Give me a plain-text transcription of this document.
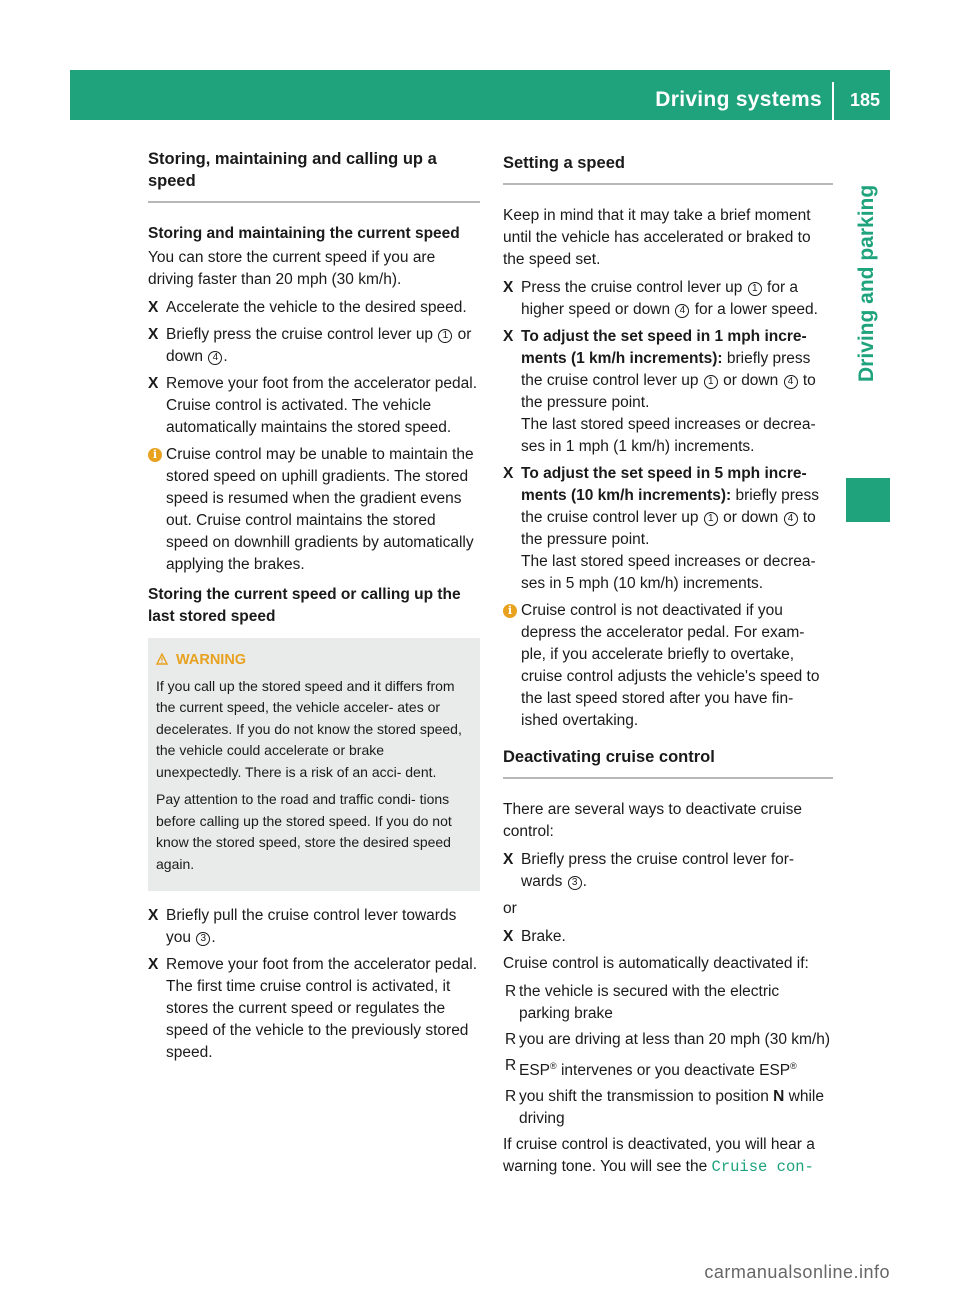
Driving systems 185
Driving and parking
Storing, maintaining and calling up a speed
Storing and maintaining the current speed

You can store the current speed if you are driving faster than 20 mph (30 km/h).

X Accelerate the vehicle to the desired speed.
X Briefly press the cruise control lever up 1 or down 4 .
X Remove your foot from the accelerator pedal.
Cruise control is activated. The vehicle automatically maintains the stored speed.
i Cruise control may be unable to maintain the stored speed on uphill gradients. The stored speed is resumed when the gradient evens out. Cruise control maintains the stored speed on downhill gradients by automatically applying the brakes.
Storing the current speed or calling up the last stored speed
WARNING

If you call up the stored speed and it differs from the current speed, the vehicle acceler- ates or decelerates. If you do not know the stored speed, the vehicle could accelerate or brake unexpectedly. There is a risk of an acci- dent.

Pay attention to the road and traffic condi- tions before calling up the stored speed. If you do not know the stored speed, store the desired speed again.

X Briefly pull the cruise control lever towards you 3 .
X Remove your foot from the accelerator pedal.
The first time cruise control is activated, it stores the current speed or regulates the speed of the vehicle to the previously stored speed.
Setting a speed

Keep in mind that it may take a brief moment until the vehicle has accelerated or braked to the speed set.

X Press the cruise control lever up 1 for a higher speed or down 4 for a lower speed.
X To adjust the set speed in 1 mph incre- ments (1 km/h increments): briefly press the cruise control lever up 1 or down 4 to the pressure point.
The last stored speed increases or decrea- ses in 1 mph (1 km/h) increments.
X To adjust the set speed in 5 mph incre- ments (10 km/h increments): briefly press the cruise control lever up 1 or down 4 to the pressure point.
The last stored speed increases or decrea- ses in 5 mph (10 km/h) increments.
i Cruise control is not deactivated if you depress the accelerator pedal. For exam- ple, if you accelerate briefly to overtake, cruise control adjusts the vehicle's speed to the last speed stored after you have fin- ished overtaking.
Deactivating cruise control

There are several ways to deactivate cruise control:

X Briefly press the cruise control lever for- wards 3 .

or

X Brake.

Cruise control is automatically deactivated if:

R the vehicle is secured with the electric parking brake
R you are driving at less than 20 mph (30 km/h)
R ESP® intervenes or you deactivate ESP®
R you shift the transmission to position N while driving

If cruise control is deactivated, you will hear a warning tone. You will see the Cruise con‐

carmanualsonline.info
